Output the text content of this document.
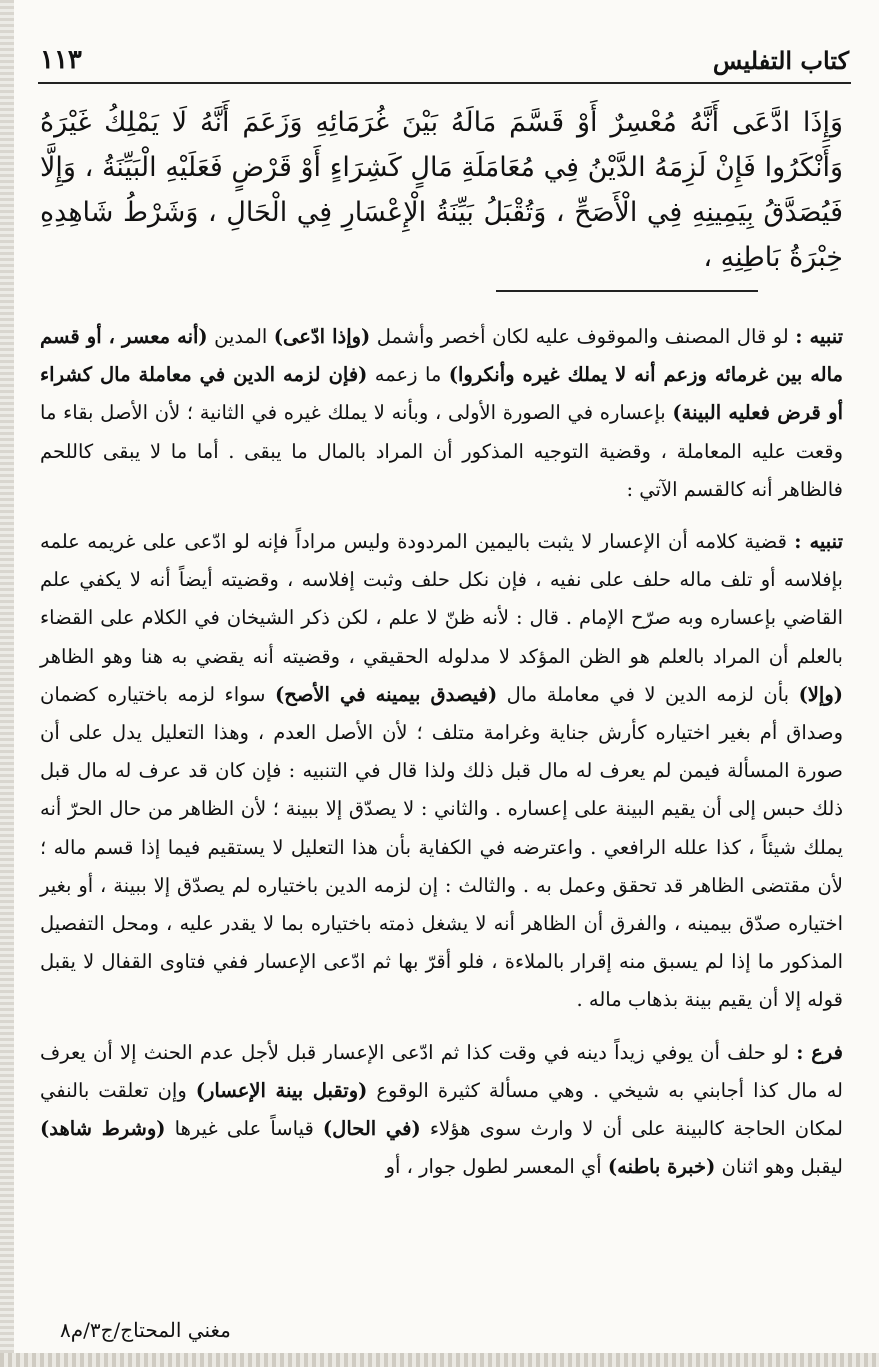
١١٣	كتاب التفليس

وَإِذَا ادَّعَى أَنَّهُ مُعْسِرٌ أَوْ قَسَّمَ مَالَهُ بَيْنَ غُرَمَائِهِ وَزَعَمَ أَنَّهُ لَا يَمْلِكُ غَيْرَهُ وَأَنْكَرُوا فَإِنْ لَزِمَهُ الدَّيْنُ فِي مُعَامَلَةِ مَالٍ كَشِرَاءٍ أَوْ قَرْضٍ فَعَلَيْهِ الْبَيِّنَةُ ، وَإِلَّا فَيُصَدَّقُ بِيَمِينِهِ فِي الْأَصَحِّ ، وَتُقْبَلُ بَيِّنَةُ الْإِعْسَارِ فِي الْحَالِ ، وَشَرْطُ شَاهِدِهِ خِبْرَةُ بَاطِنِهِ ،

تنبيه : لو قال المصنف والموقوف عليه لكان أخصر وأشمل (وإذا ادّعى) المدين (أنه معسر ، أو قسم ماله بين غرمائه وزعم أنه لا يملك غيره وأنكروا) ما زعمه (فإن لزمه الدين في معاملة مال كشراء أو قرض فعليه البينة) بإعساره في الصورة الأولى ، وبأنه لا يملك غيره في الثانية ؛ لأن الأصل بقاء ما وقعت عليه المعاملة ، وقضية التوجيه المذكور أن المراد بالمال ما يبقى . أما ما لا يبقى كاللحم فالظاهر أنه كالقسم الآتي :

تنبيه : قضية كلامه أن الإعسار لا يثبت باليمين المردودة وليس مراداً فإنه لو ادّعى على غريمه علمه بإفلاسه أو تلف ماله حلف على نفيه ، فإن نكل حلف وثبت إفلاسه ، وقضيته أيضاً أنه لا يكفي علم القاضي بإعساره وبه صرّح الإمام . قال : لأنه ظنّ لا علم ، لكن ذكر الشيخان في الكلام على القضاء بالعلم أن المراد بالعلم هو الظن المؤكد لا مدلوله الحقيقي ، وقضيته أنه يقضي به هنا وهو الظاهر (وإلا) بأن لزمه الدين لا في معاملة مال (فيصدق بيمينه في الأصح) سواء لزمه باختياره كضمان وصداق أم بغير اختياره كأرش جناية وغرامة متلف ؛ لأن الأصل العدم ، وهذا التعليل يدل على أن صورة المسألة فيمن لم يعرف له مال قبل ذلك ولذا قال في التنبيه : فإن كان قد عرف له مال قبل ذلك حبس إلى أن يقيم البينة على إعساره . والثاني : لا يصدّق إلا ببينة ؛ لأن الظاهر من حال الحرّ أنه يملك شيئاً ، كذا علله الرافعي . واعترضه في الكفاية بأن هذا التعليل لا يستقيم فيما إذا قسم ماله ؛ لأن مقتضى الظاهر قد تحقق وعمل به . والثالث : إن لزمه الدين باختياره لم يصدّق إلا ببينة ، أو بغير اختياره صدّق بيمينه ، والفرق أن الظاهر أنه لا يشغل ذمته باختياره بما لا يقدر عليه ، ومحل التفصيل المذكور ما إذا لم يسبق منه إقرار بالملاءة ، فلو أقرّ بها ثم ادّعى الإعسار ففي فتاوى القفال لا يقبل قوله إلا أن يقيم بينة بذهاب ماله .

فرع : لو حلف أن يوفي زيداً دينه في وقت كذا ثم ادّعى الإعسار قبل لأجل عدم الحنث إلا أن يعرف له مال كذا أجابني به شيخي . وهي مسألة كثيرة الوقوع (وتقبل بينة الإعسار) وإن تعلقت بالنفي لمكان الحاجة كالبينة على أن لا وارث سوى هؤلاء (في الحال) قياساً على غيرها (وشرط شاهد) ليقبل وهو اثنان (خبرة باطنه) أي المعسر لطول جوار ، أو

مغني المحتاج/ج٣/م٨
